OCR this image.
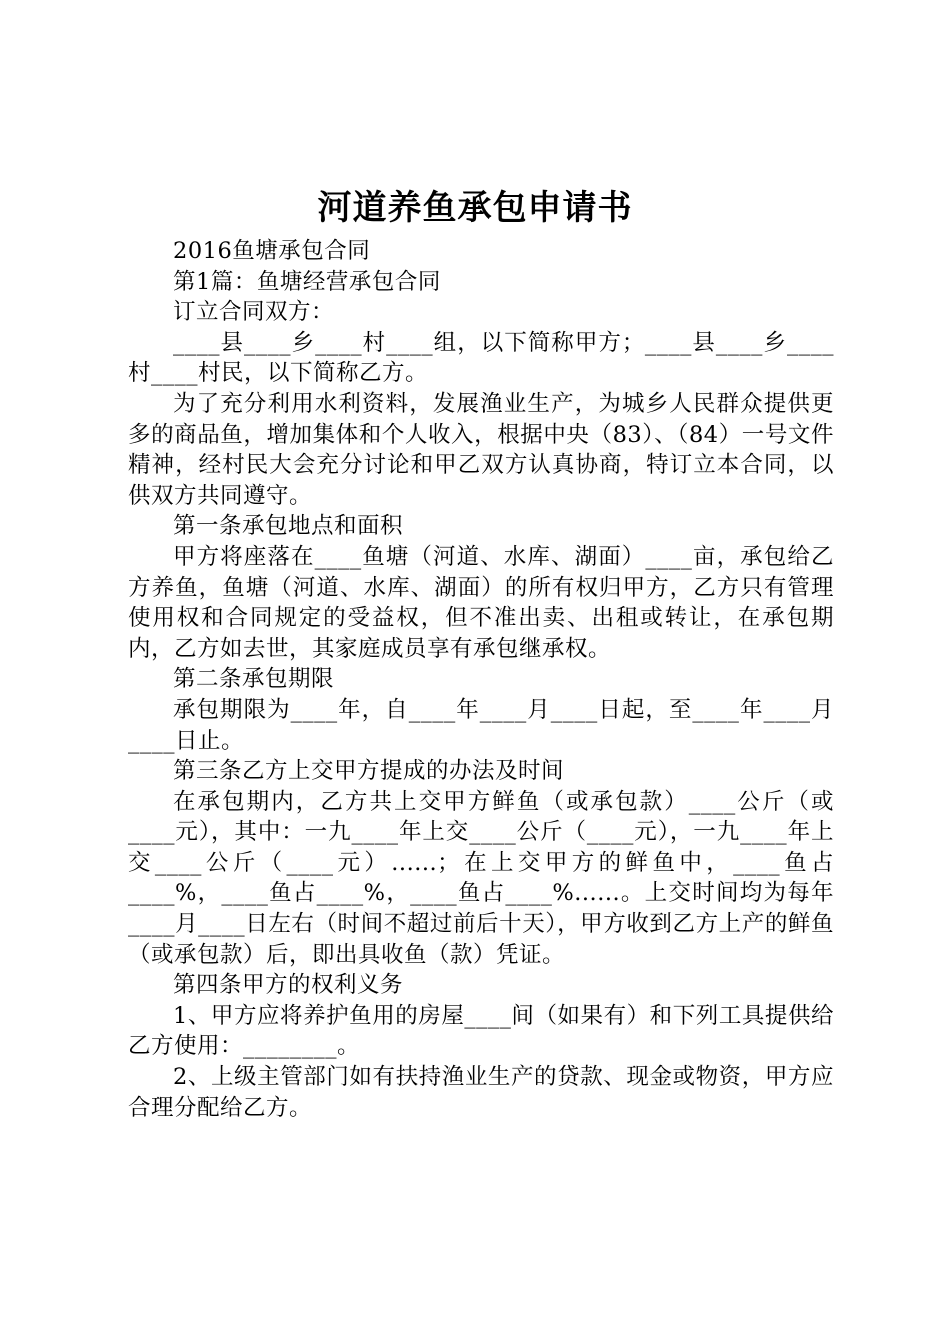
河道养鱼承包申请书

2016鱼塘承包合同

第1篇：鱼塘经营承包合同

订立合同双方：

____县____乡____村____组，以下简称甲方；____县____乡____村____村民，以下简称乙方。

为了充分利用水利资料，发展渔业生产，为城乡人民群众提供更多的商品鱼，增加集体和个人收入，根据中央（83）、（84）一号文件精神，经村民大会充分讨论和甲乙双方认真协商，特订立本合同，以供双方共同遵守。

第一条承包地点和面积

甲方将座落在____鱼塘（河道、水库、湖面）____亩，承包给乙方养鱼，鱼塘（河道、水库、湖面）的所有权归甲方，乙方只有管理使用权和合同规定的受益权，但不准出卖、出租或转让，在承包期内，乙方如去世，其家庭成员享有承包继承权。

第二条承包期限

承包期限为____年，自____年____月____日起，至____年____月____日止。

第三条乙方上交甲方提成的办法及时间

在承包期内，乙方共上交甲方鲜鱼（或承包款）____公斤（或____元），其中：一九____年上交____公斤（____元），一九____年上交____公斤（____元）......；在上交甲方的鲜鱼中，____鱼占____%，____鱼占____%，____鱼占____%......。上交时间均为每年____月____日左右（时间不超过前后十天），甲方收到乙方上产的鲜鱼（或承包款）后，即出具收鱼（款）凭证。

第四条甲方的权利义务

1、甲方应将养护鱼用的房屋____间（如果有）和下列工具提供给乙方使用：________。

2、上级主管部门如有扶持渔业生产的贷款、现金或物资，甲方应合理分配给乙方。
